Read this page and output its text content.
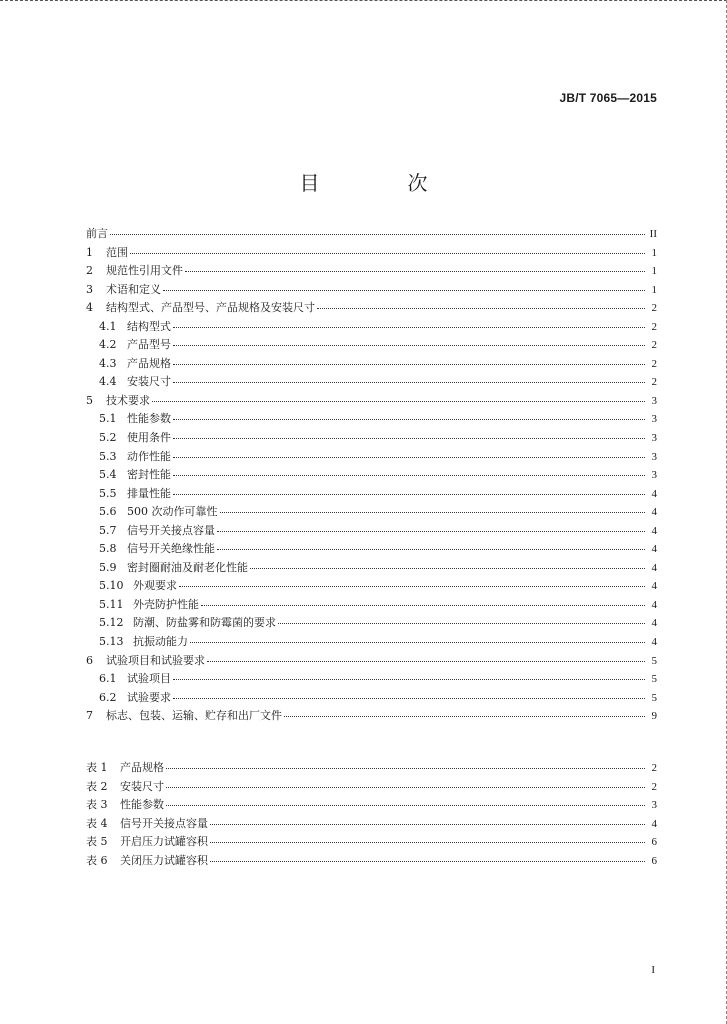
JB/T 7065—2015
目　次
前言	II
1	范围	1
2	规范性引用文件	1
3	术语和定义	1
4	结构型式、产品型号、产品规格及安装尺寸	2
4.1 结构型式	2
4.2 产品型号	2
4.3 产品规格	2
4.4 安装尺寸	2
5	技术要求	3
5.1 性能参数	3
5.2 使用条件	3
5.3 动作性能	3
5.4 密封性能	3
5.5 排量性能	4
5.6 500 次动作可靠性	4
5.7 信号开关接点容量	4
5.8 信号开关绝缘性能	4
5.9 密封圈耐油及耐老化性能	4
5.10 外观要求	4
5.11 外壳防护性能	4
5.12 防潮、防盐雾和防霉菌的要求	4
5.13 抗振动能力	4
6	试验项目和试验要求	5
6.1 试验项目	5
6.2 试验要求	5
7	标志、包装、运输、贮存和出厂文件	9
表 1	产品规格	2
表 2	安装尺寸	2
表 3	性能参数	3
表 4	信号开关接点容量	4
表 5	开启压力试罐容积	6
表 6	关闭压力试罐容积	6
I
